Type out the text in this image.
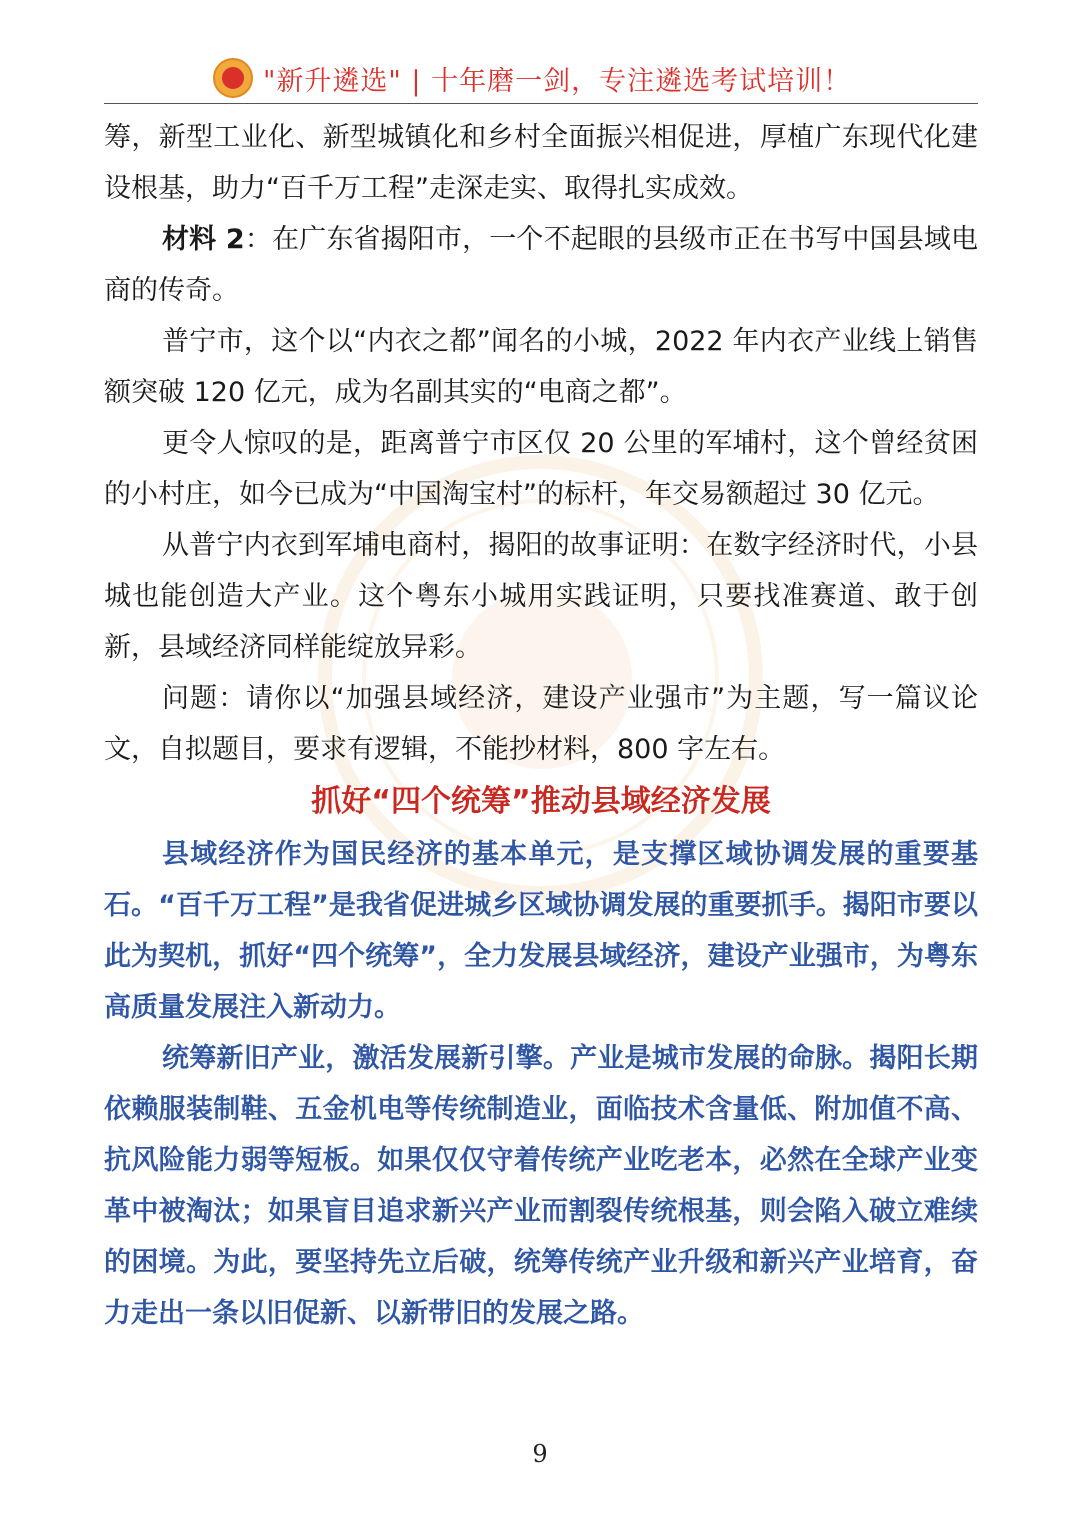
"新升遴选" | 十年磨一剑，专注遴选考试培训！

筹，新型工业化、新型城镇化和乡村全面振兴相促进，厚植广东现代化建设根基，助力“百千万工程”走深走实、取得扎实成效。

材料 2：在广东省揭阳市，一个不起眼的县级市正在书写中国县域电商的传奇。

普宁市，这个以“内衣之都”闻名的小城，2022 年内衣产业线上销售额突破 120 亿元，成为名副其实的“电商之都”。

更令人惊叹的是，距离普宁市区仅 20 公里的军埔村，这个曾经贫困的小村庄，如今已成为“中国淘宝村”的标杆，年交易额超过 30 亿元。

从普宁内衣到军埔电商村，揭阳的故事证明：在数字经济时代，小县城也能创造大产业。这个粤东小城用实践证明，只要找准赛道、敢于创新，县域经济同样能绽放异彩。

问题：请你以“加强县域经济，建设产业强市”为主题，写一篇议论文，自拟题目，要求有逻辑，不能抄材料，800 字左右。

抓好“四个统筹”推动县域经济发展

县域经济作为国民经济的基本单元，是支撑区域协调发展的重要基石。“百千万工程”是我省促进城乡区域协调发展的重要抓手。揭阳市要以此为契机，抓好“四个统筹”，全力发展县域经济，建设产业强市，为粤东高质量发展注入新动力。

统筹新旧产业，激活发展新引擎。产业是城市发展的命脉。揭阳长期依赖服装制鞋、五金机电等传统制造业，面临技术含量低、附加值不高、抗风险能力弱等短板。如果仅仅守着传统产业吃老本，必然在全球产业变革中被淘汰；如果盲目追求新兴产业而割裂传统根基，则会陷入破立难续的困境。为此，要坚持先立后破，统筹传统产业升级和新兴产业培育，奋力走出一条以旧促新、以新带旧的发展之路。

9
